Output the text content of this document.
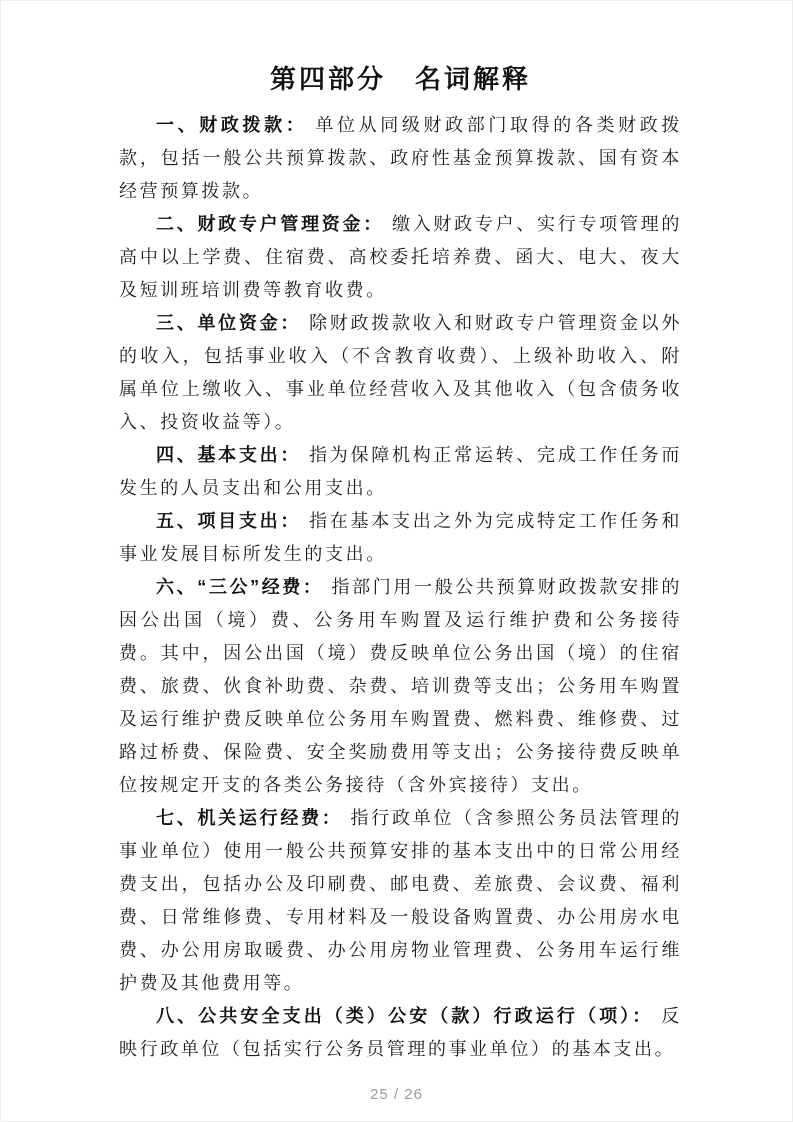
第四部分　名词解释

一、财政拨款： 单位从同级财政部门取得的各类财政拨款，包括一般公共预算拨款、政府性基金预算拨款、国有资本经营预算拨款。

二、财政专户管理资金： 缴入财政专户、实行专项管理的高中以上学费、住宿费、高校委托培养费、函大、电大、夜大及短训班培训费等教育收费。

三、单位资金： 除财政拨款收入和财政专户管理资金以外的收入，包括事业收入（不含教育收费）、上级补助收入、附属单位上缴收入、事业单位经营收入及其他收入（包含债务收入、投资收益等）。

四、基本支出： 指为保障机构正常运转、完成工作任务而发生的人员支出和公用支出。

五、项目支出： 指在基本支出之外为完成特定工作任务和事业发展目标所发生的支出。

六、“三公”经费： 指部门用一般公共预算财政拨款安排的因公出国（境）费、公务用车购置及运行维护费和公务接待费。其中，因公出国（境）费反映单位公务出国（境）的住宿费、旅费、伙食补助费、杂费、培训费等支出；公务用车购置及运行维护费反映单位公务用车购置费、燃料费、维修费、过路过桥费、保险费、安全奖励费用等支出；公务接待费反映单位按规定开支的各类公务接待（含外宾接待）支出。

七、机关运行经费： 指行政单位（含参照公务员法管理的事业单位）使用一般公共预算安排的基本支出中的日常公用经费支出，包括办公及印刷费、邮电费、差旅费、会议费、福利费、日常维修费、专用材料及一般设备购置费、办公用房水电费、办公用房取暖费、办公用房物业管理费、公务用车运行维护费及其他费用等。

八、公共安全支出（类）公安（款）行政运行（项）： 反映行政单位（包括实行公务员管理的事业单位）的基本支出。

25 / 26
